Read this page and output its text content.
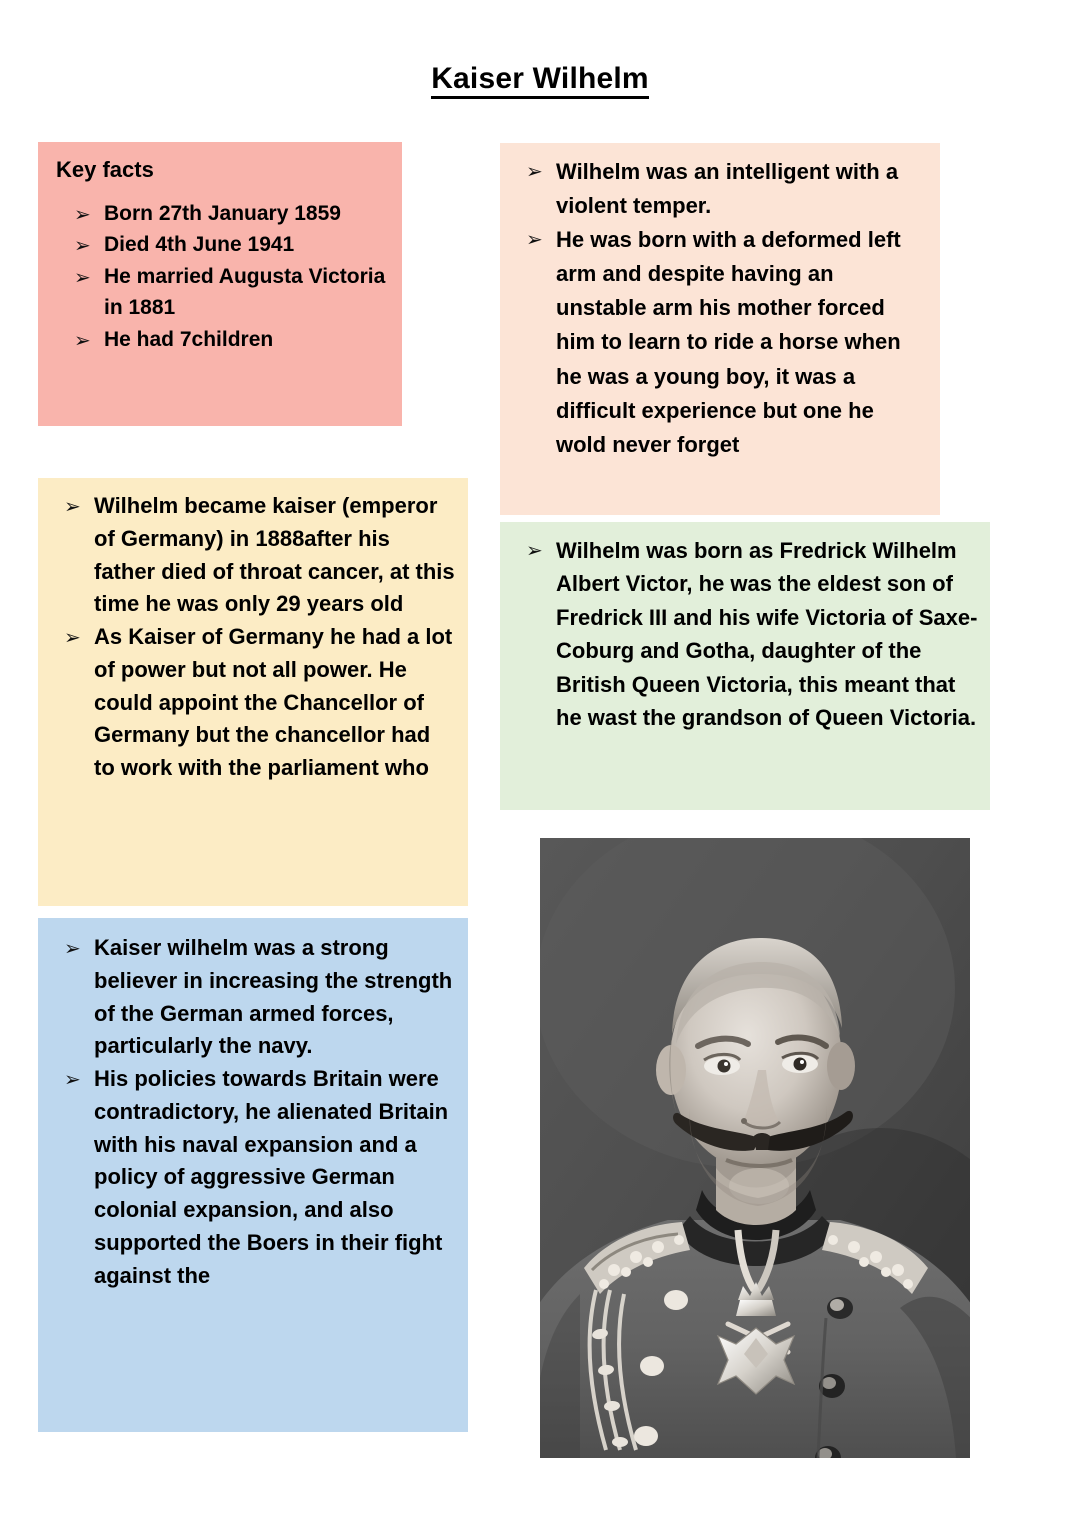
Kaiser Wilhelm
Key facts
➢ Born 27th January 1859
➢ Died 4th June 1941
➢ He married Augusta Victoria in 1881
➢ He had 7children
➢ Wilhelm became kaiser (emperor of Germany) in 1888after his father died of throat cancer, at this time he was only 29 years old
➢ As Kaiser of Germany he had a lot of power but not all power. He could appoint the Chancellor of Germany but the chancellor had to work with the parliament who
➢ Kaiser wilhelm was a strong believer in increasing the strength of the German armed forces, particularly the navy.
➢ His policies towards Britain were contradictory, he alienated Britain with his naval expansion and a policy of aggressive German colonial expansion, and also supported the Boers in their fight against the
➢ Wilhelm was an intelligent with a violent temper.
➢ He was born with a deformed left arm and despite having an unstable arm his mother forced him to learn to ride a horse when he was a young boy, it was a difficult experience but one he wold never forget
➢ Wilhelm was born as Fredrick Wilhelm Albert Victor, he was the eldest son of Fredrick III and his wife Victoria of Saxe-Coburg and Gotha, daughter of the British Queen Victoria, this meant that he wast the grandson of Queen Victoria.
